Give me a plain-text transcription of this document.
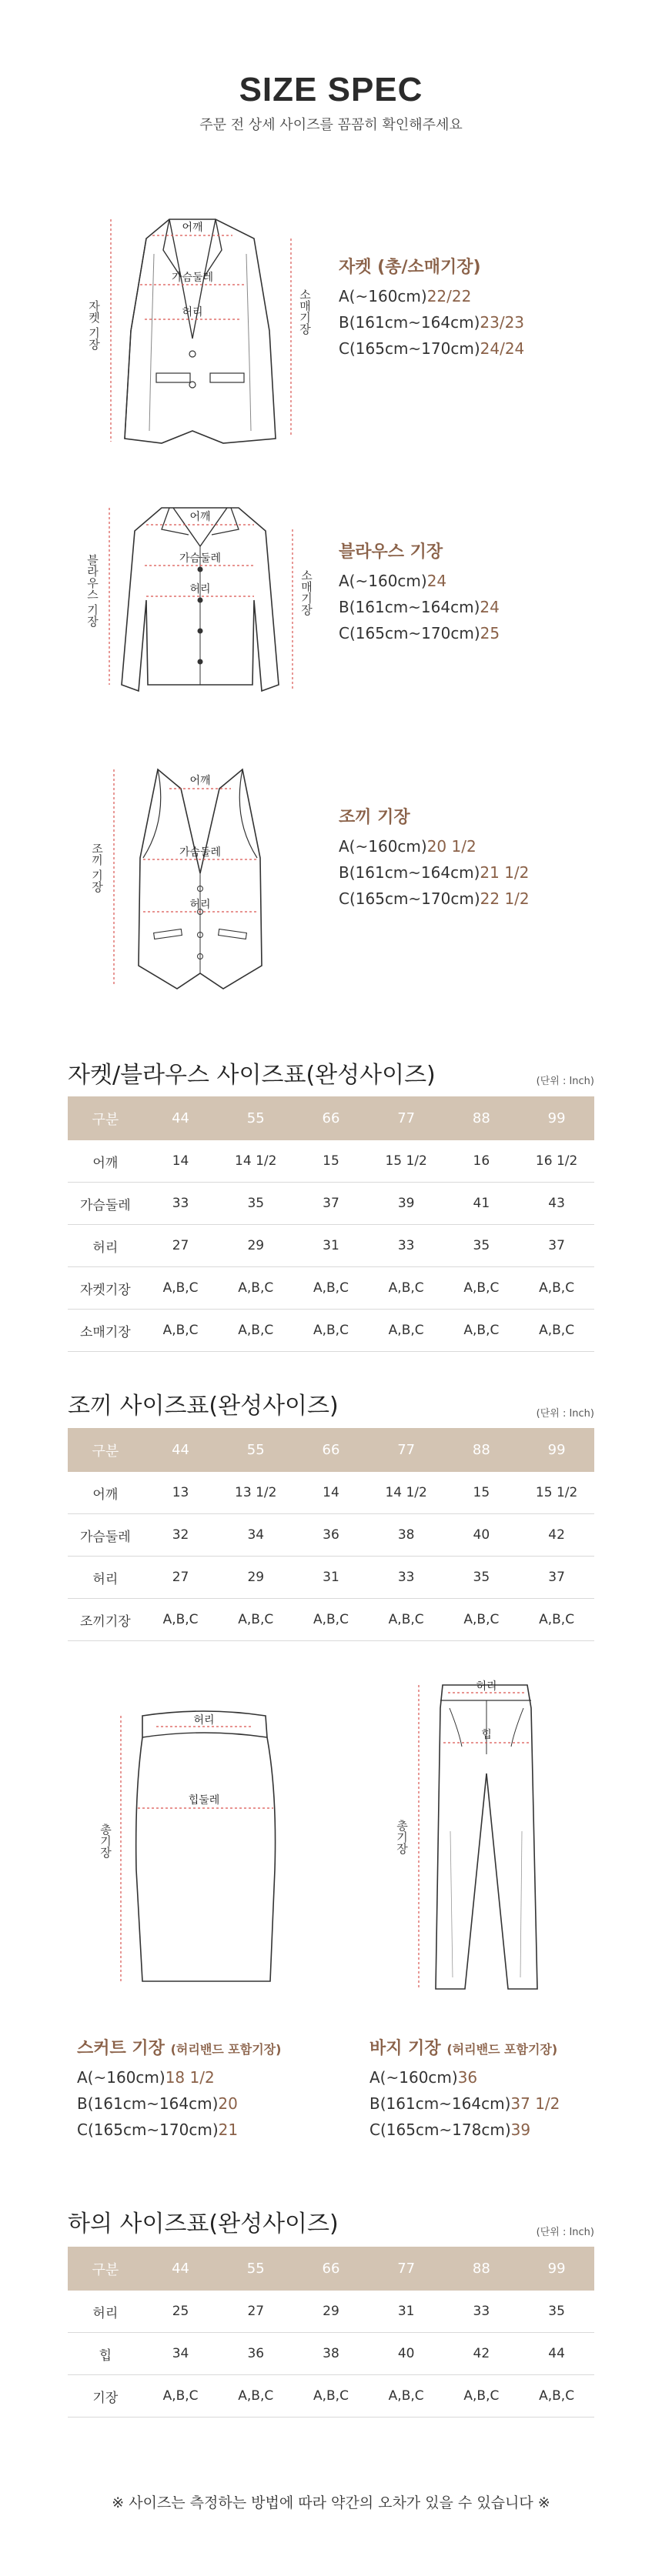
SIZE SPEC
주문 전 상세 사이즈를 꼼꼼히 확인해주세요
어깨
가슴둘레
허리
자켓 기장	소매기장
자켓 (총/소매기장)
A(~160cm)22/22
B(161cm~164cm)23/23
C(165cm~170cm)24/24
어깨
가슴둘레
허리
블라우스 기장	소매기장
블라우스 기장
A(~160cm)24
B(161cm~164cm)24
C(165cm~170cm)25
어깨
가슴둘레
허리
조끼 기장
조끼 기장
A(~160cm)20 1/2
B(161cm~164cm)21 1/2
C(165cm~170cm)22 1/2
자켓/블라우스 사이즈표(완성사이즈)	(단위 : Inch)
구분	44	55	66	77	88	99
어깨	14	14 1/2	15	15 1/2	16	16 1/2
가슴둘레	33	35	37	39	41	43
허리	27	29	31	33	35	37
자켓기장	A,B,C	A,B,C	A,B,C	A,B,C	A,B,C	A,B,C
소매기장	A,B,C	A,B,C	A,B,C	A,B,C	A,B,C	A,B,C
조끼 사이즈표(완성사이즈)	(단위 : Inch)
구분	44	55	66	77	88	99
어깨	13	13 1/2	14	14 1/2	15	15 1/2
가슴둘레	32	34	36	38	40	42
허리	27	29	31	33	35	37
조끼기장	A,B,C	A,B,C	A,B,C	A,B,C	A,B,C	A,B,C
허리
힙둘레
총기장
허리
힙
총기장
스커트 기장 (허리밴드 포함기장)
A(~160cm)18 1/2
B(161cm~164cm)20
C(165cm~170cm)21
바지 기장 (허리밴드 포함기장)
A(~160cm)36
B(161cm~164cm)37 1/2
C(165cm~178cm)39
하의 사이즈표(완성사이즈)	(단위 : Inch)
구분	44	55	66	77	88	99
허리	25	27	29	31	33	35
힙	34	36	38	40	42	44
기장	A,B,C	A,B,C	A,B,C	A,B,C	A,B,C	A,B,C
※ 사이즈는 측정하는 방법에 따라 약간의 오차가 있을 수 있습니다 ※
